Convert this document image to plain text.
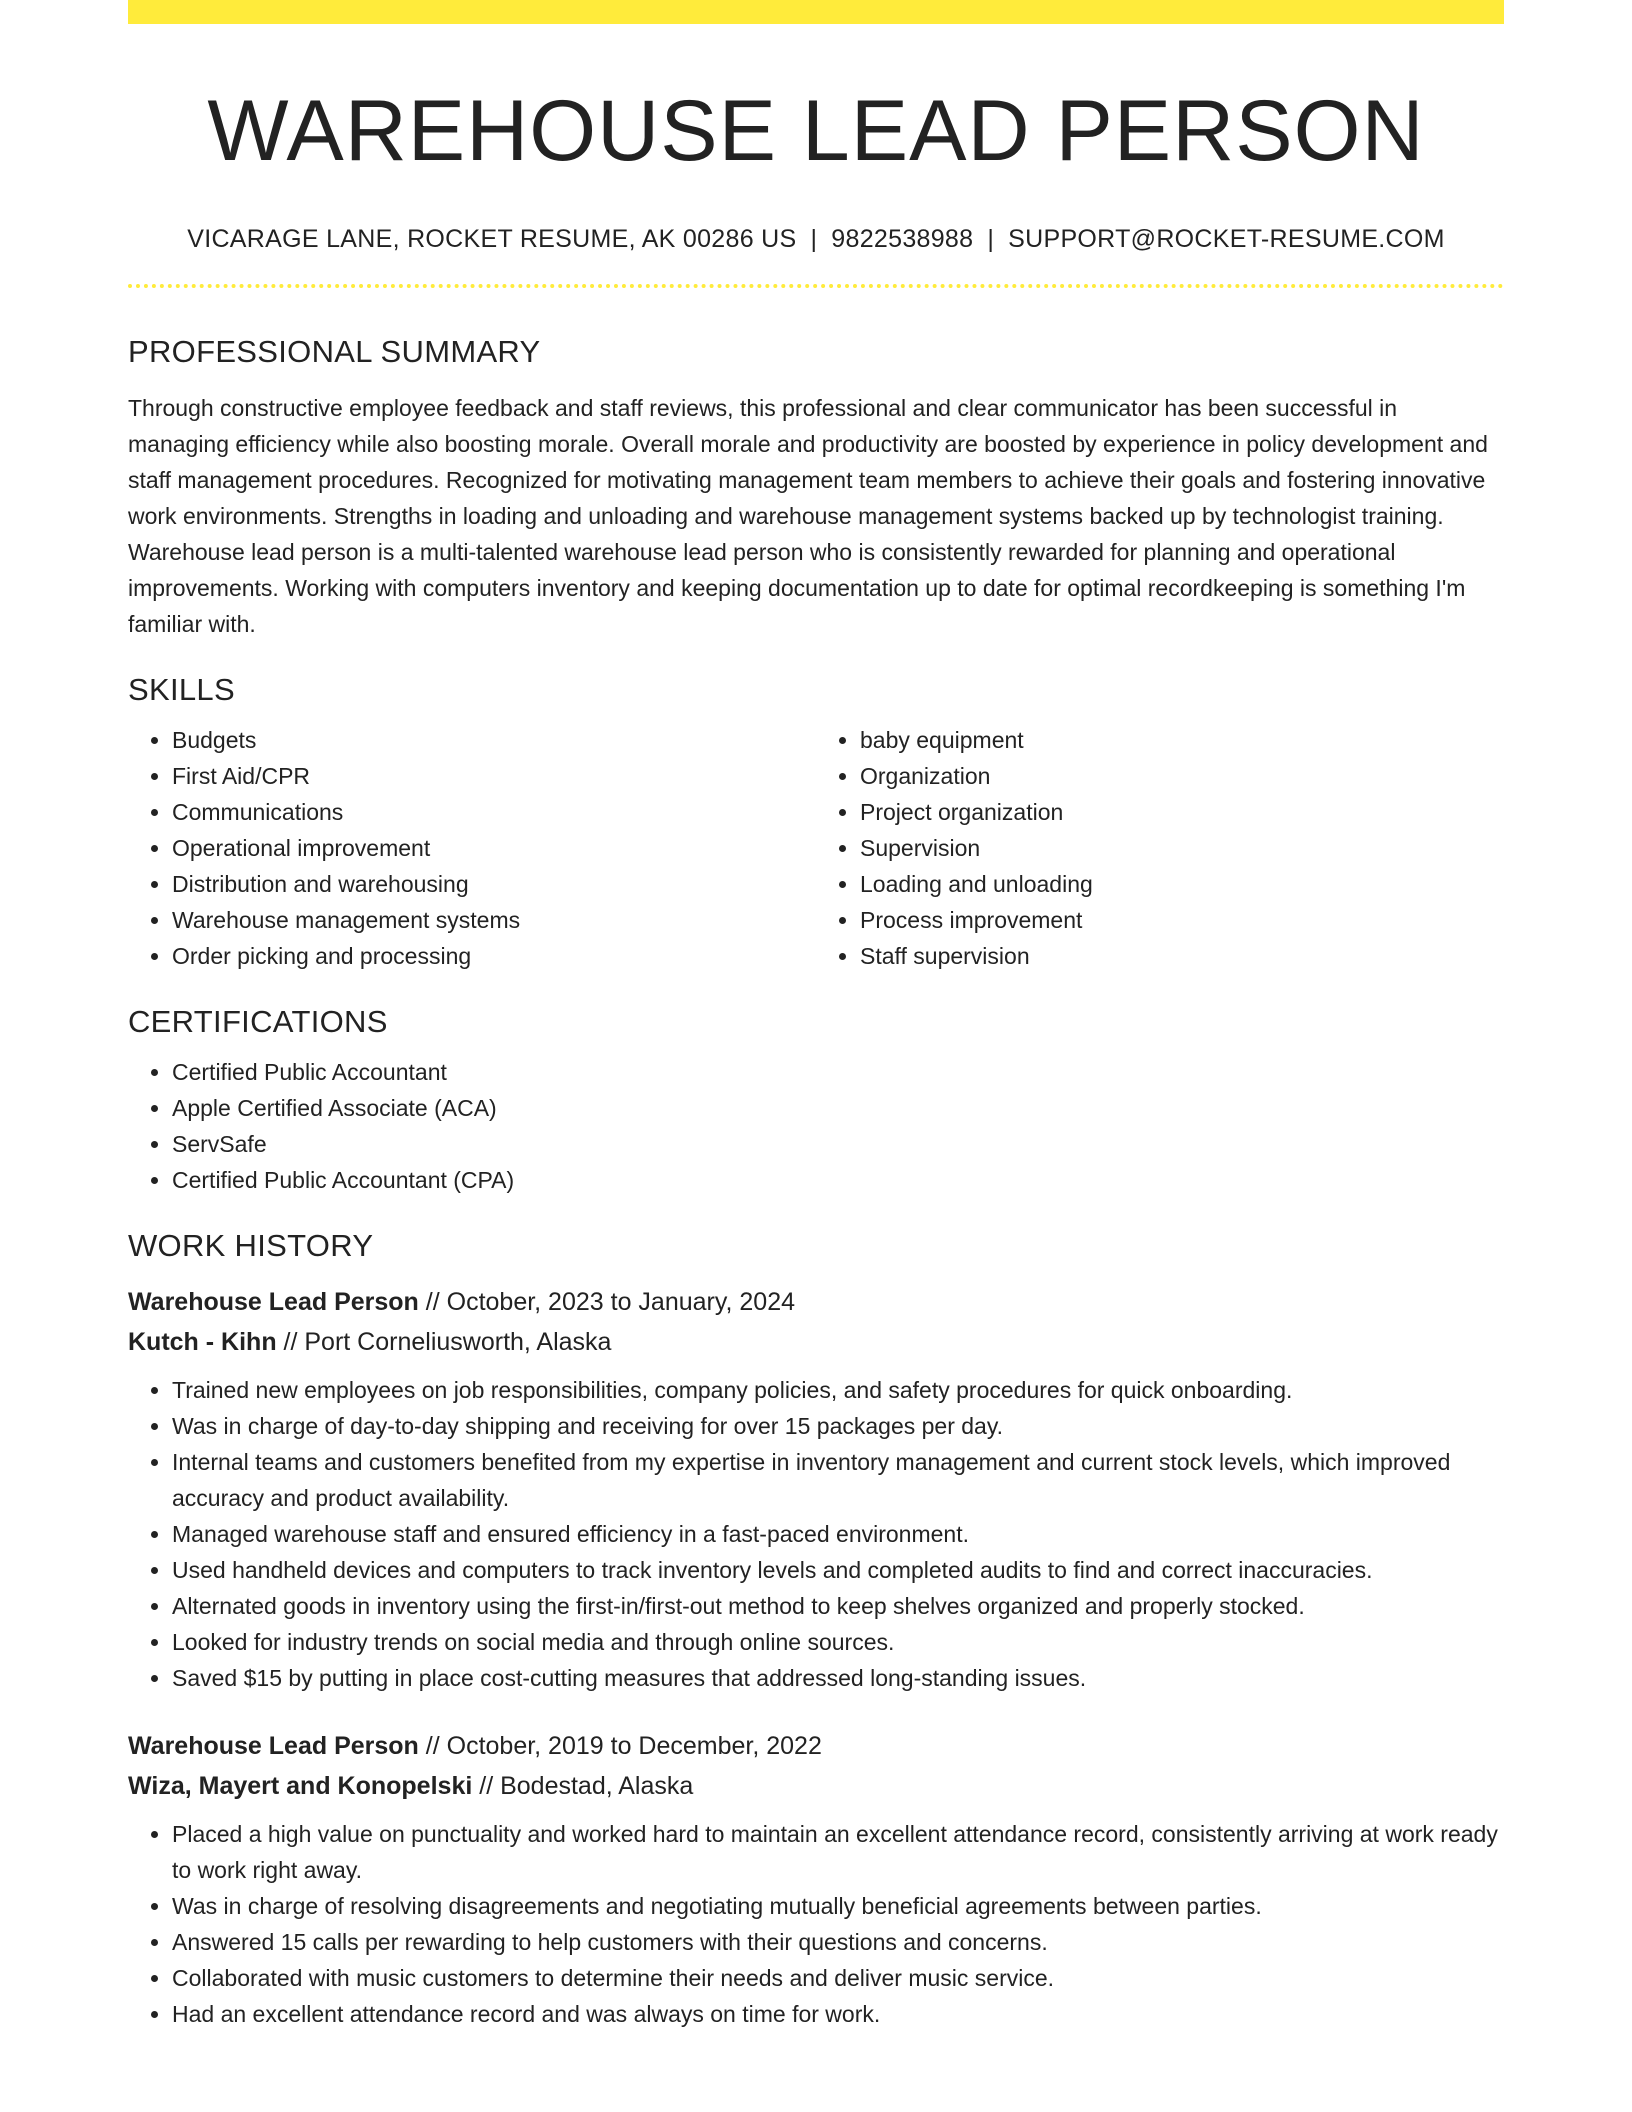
WAREHOUSE LEAD PERSON
VICARAGE LANE, ROCKET RESUME, AK 00286 US | 9822538988 | SUPPORT@ROCKET-RESUME.COM
PROFESSIONAL SUMMARY
Through constructive employee feedback and staff reviews, this professional and clear communicator has been successful in managing efficiency while also boosting morale. Overall morale and productivity are boosted by experience in policy development and staff management procedures. Recognized for motivating management team members to achieve their goals and fostering innovative work environments. Strengths in loading and unloading and warehouse management systems backed up by technologist training. Warehouse lead person is a multi-talented warehouse lead person who is consistently rewarded for planning and operational improvements. Working with computers inventory and keeping documentation up to date for optimal recordkeeping is something I'm familiar with.
SKILLS
• Budgets
• First Aid/CPR
• Communications
• Operational improvement
• Distribution and warehousing
• Warehouse management systems
• Order picking and processing
• baby equipment
• Organization
• Project organization
• Supervision
• Loading and unloading
• Process improvement
• Staff supervision
CERTIFICATIONS
• Certified Public Accountant
• Apple Certified Associate (ACA)
• ServSafe
• Certified Public Accountant (CPA)
WORK HISTORY
Warehouse Lead Person // October, 2023 to January, 2024
Kutch - Kihn // Port Corneliusworth, Alaska
• Trained new employees on job responsibilities, company policies, and safety procedures for quick onboarding.
• Was in charge of day-to-day shipping and receiving for over 15 packages per day.
• Internal teams and customers benefited from my expertise in inventory management and current stock levels, which improved accuracy and product availability.
• Managed warehouse staff and ensured efficiency in a fast-paced environment.
• Used handheld devices and computers to track inventory levels and completed audits to find and correct inaccuracies.
• Alternated goods in inventory using the first-in/first-out method to keep shelves organized and properly stocked.
• Looked for industry trends on social media and through online sources.
• Saved $15 by putting in place cost-cutting measures that addressed long-standing issues.
Warehouse Lead Person // October, 2019 to December, 2022
Wiza, Mayert and Konopelski // Bodestad, Alaska
• Placed a high value on punctuality and worked hard to maintain an excellent attendance record, consistently arriving at work ready to work right away.
• Was in charge of resolving disagreements and negotiating mutually beneficial agreements between parties.
• Answered 15 calls per rewarding to help customers with their questions and concerns.
• Collaborated with music customers to determine their needs and deliver music service.
• Had an excellent attendance record and was always on time for work.
